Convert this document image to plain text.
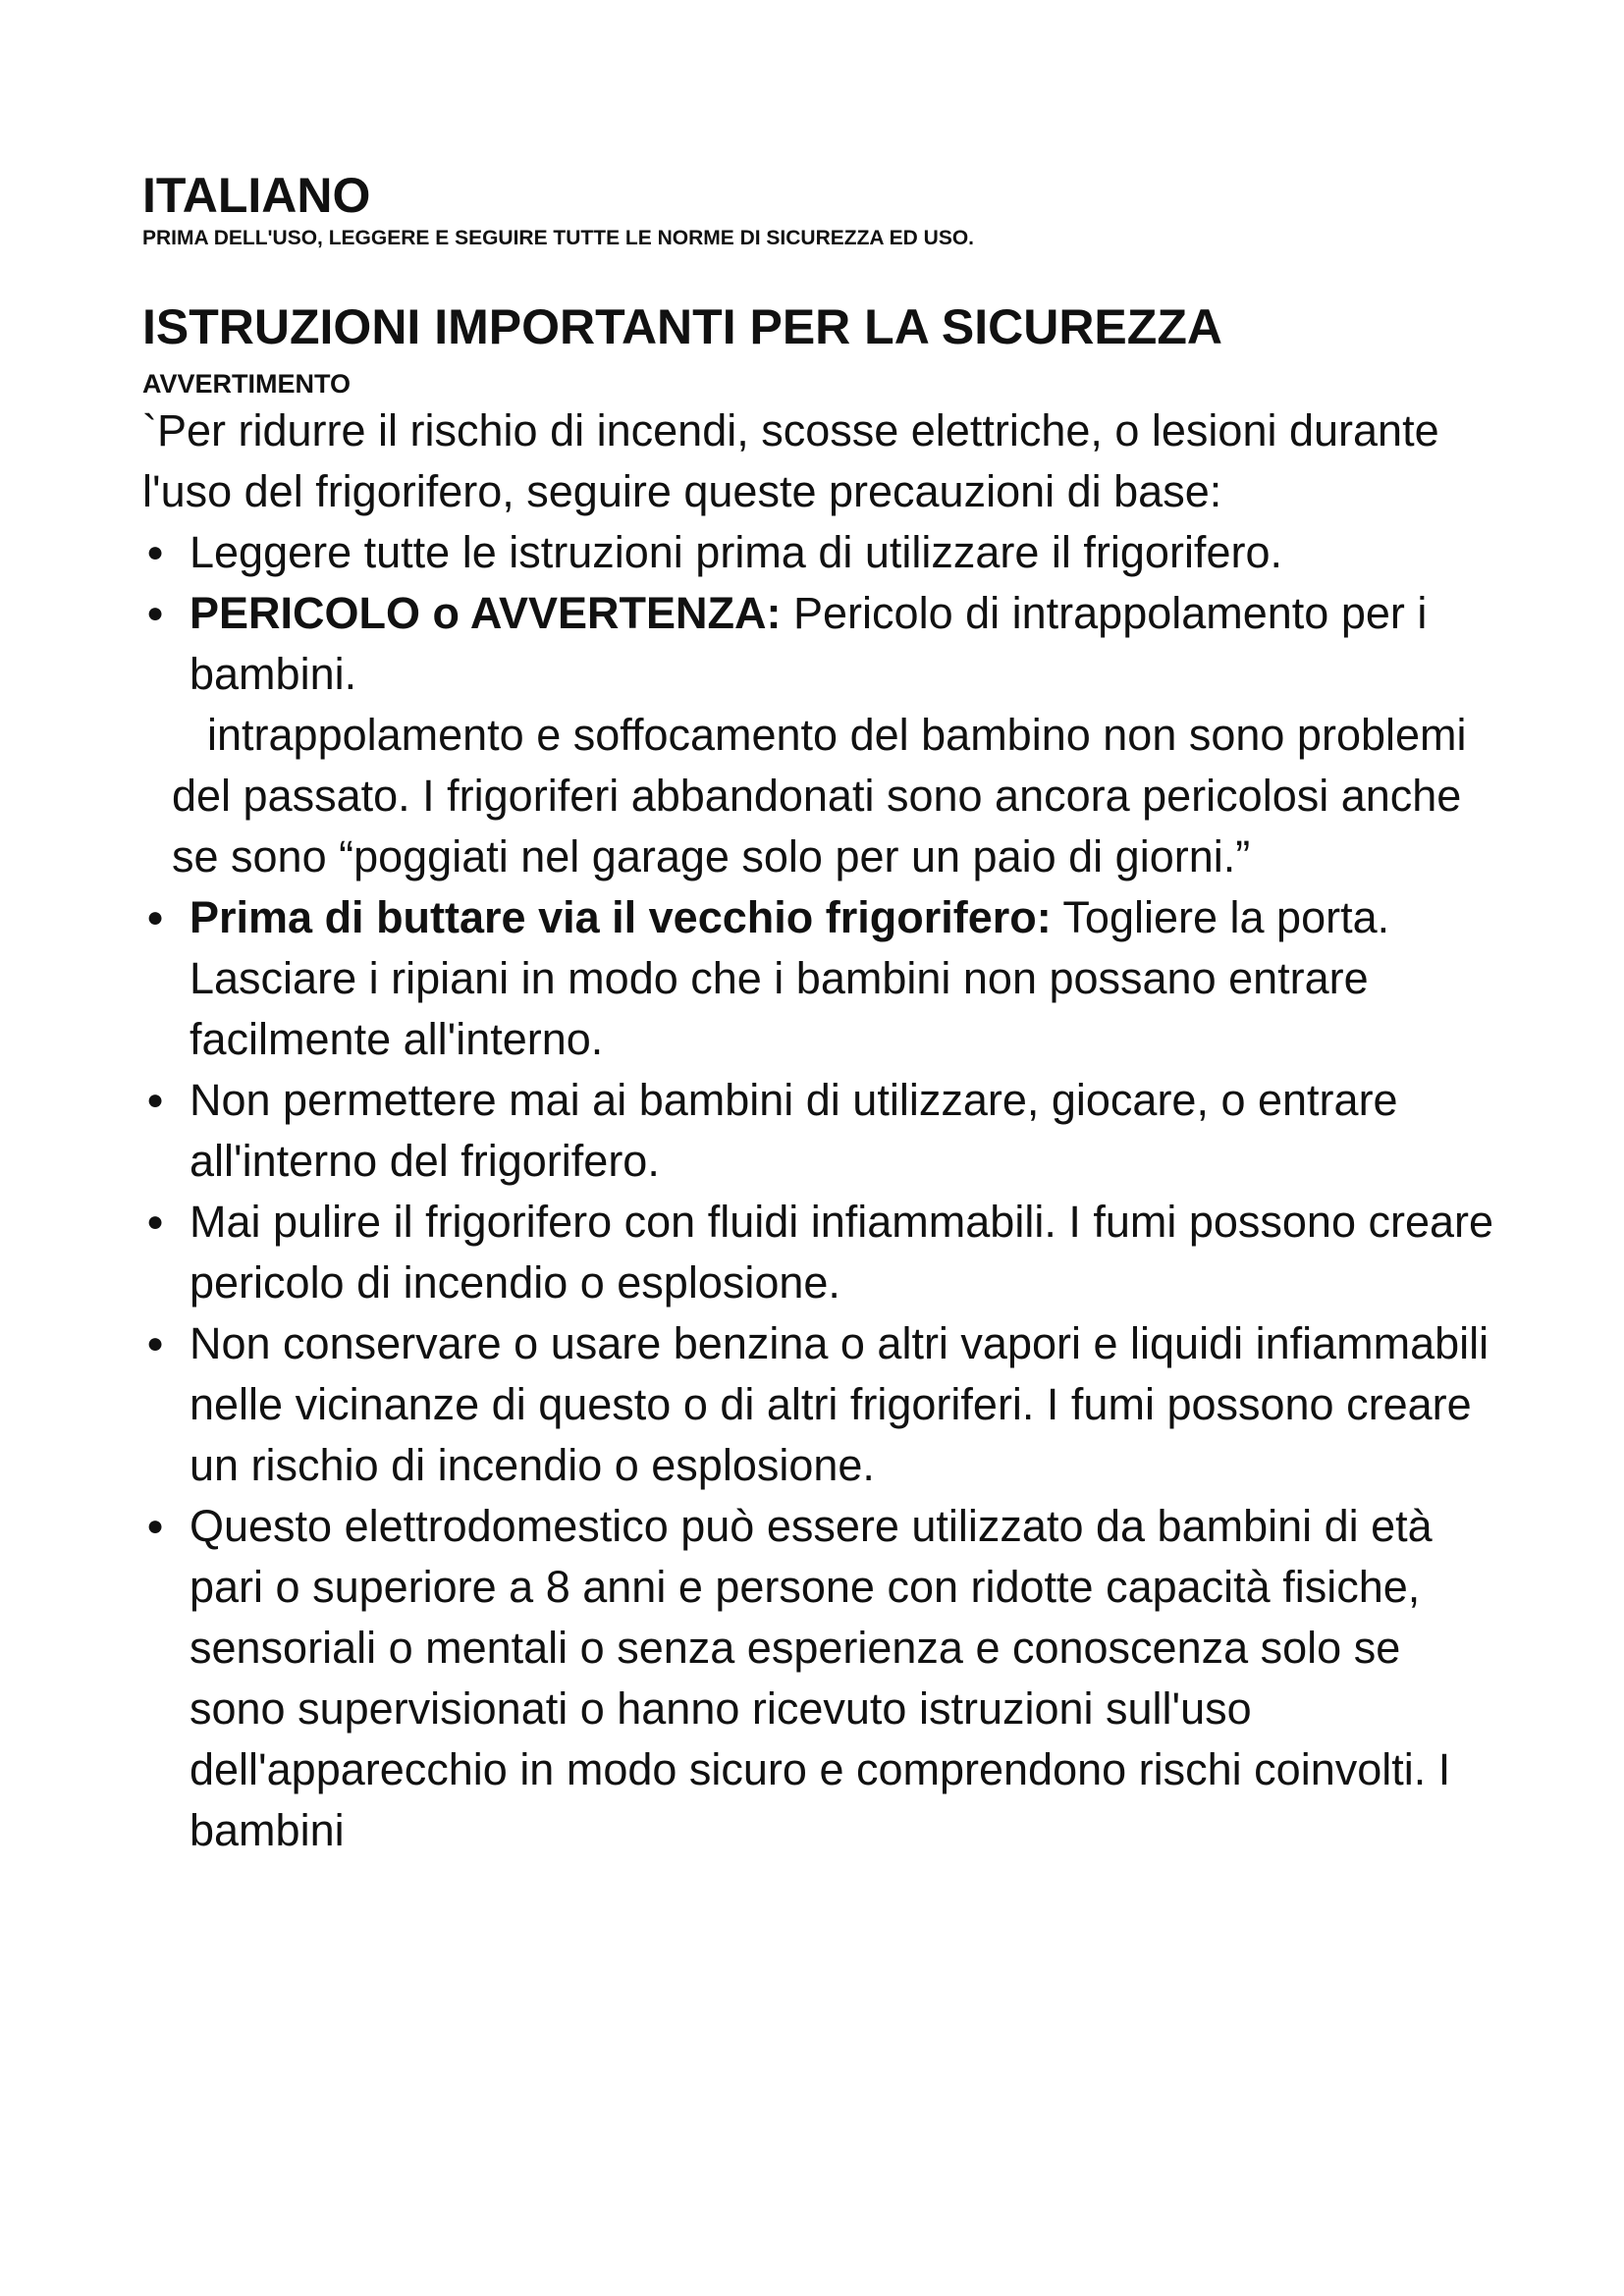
ITALIANO

PRIMA DELL'USO, LEGGERE E SEGUIRE TUTTE LE NORME DI SICUREZZA ED USO.

ISTRUZIONI IMPORTANTI PER LA SICUREZZA

AVVERTIMENTO

`Per ridurre il rischio di incendi, scosse elettriche, o lesioni durante l'uso del frigorifero, seguire queste precauzioni di base:

● Leggere tutte le istruzioni prima di utilizzare il frigorifero.
● PERICOLO o AVVERTENZA: Pericolo di intrappolamento per i bambini.

intrappolamento e soffocamento del bambino non sono problemi del passato. I frigoriferi abbandonati sono ancora pericolosi anche se sono “poggiati nel garage solo per un paio di giorni.”

● Prima di buttare via il vecchio frigorifero: Togliere la porta. Lasciare i ripiani in modo che i bambini non possano entrare facilmente all'interno.
● Non permettere mai ai bambini di utilizzare, giocare, o entrare all'interno del frigorifero.
● Mai pulire il frigorifero con fluidi infiammabili. I fumi possono creare pericolo di incendio o esplosione.
● Non conservare o usare benzina o altri vapori e liquidi infiammabili nelle vicinanze di questo o di altri frigoriferi. I fumi possono creare un rischio di incendio o esplosione.
● Questo elettrodomestico può essere utilizzato da bambini di età pari o superiore a 8 anni e persone con ridotte capacità fisiche, sensoriali o mentali o senza esperienza e conoscenza solo se sono supervisionati o hanno ricevuto istruzioni sull'uso dell'apparecchio in modo sicuro e comprendono rischi coinvolti. I bambini
